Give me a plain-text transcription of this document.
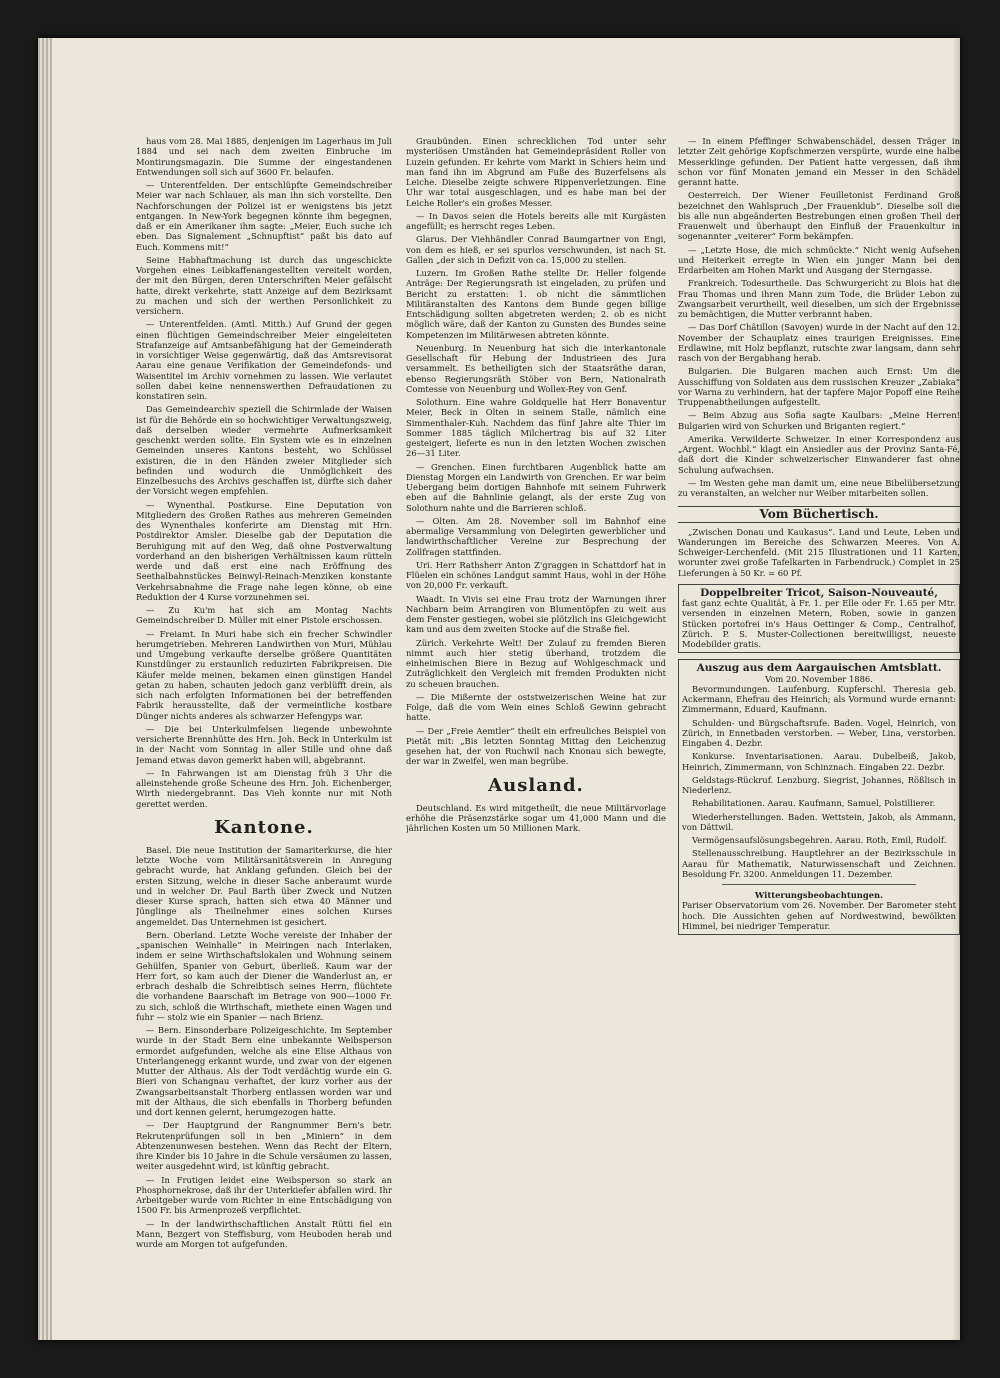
haus vom 28. Mai 1885, denjenigen im Lagerhaus im Juli 1884 und sei nach dem zweiten Einbruche im Montirungsmagazin. Die Summe der eingestandenen Entwendungen soll sich auf 3600 Fr. belaufen.

— Unterentfelden. Der entschlüpfte Gemeindschreiber Meier war nach Schlauer, als man ihn sich vorstellte. Den Nachforschungen der Polizei ist er wenigstens bis jetzt entgangen. In New-York begegnen könnte ihm begegnen, daß er ein Amerikaner ihm sagte: „Meier, Euch suche ich eben. Das Signalement „Schnupftist“ paßt bis dato auf Euch. Kommens mit!“

Seine Habhaftmachung ist durch das ungeschickte Vorgehen eines Leibkaffenangestellten vereitelt worden, der mit den Bürgen, deren Unterschriften Meier gefälscht hatte, direkt verkehrte, statt Anzeige auf dem Bezirksamt zu machen und sich der werthen Personlichkeit zu versichern.

— Unterentfelden. (Amtl. Mitth.) Auf Grund der gegen einen flüchtigen Gemeindschreiber Meier eingeleiteten Strafanzeige auf Amtsanbefähigung hat der Gemeinderath in vorsichtiger Weise gegenwärtig, daß das Amtsrevisorat Aarau eine genaue Verifikation der Gemeindefonds- und Waisentitel im Archiv vornehmen zu lassen. Wie verlautet sollen dabei keine nennenswerthen Defraudationen zu konstatiren sein.

Das Gemeindearchiv speziell die Schirmlade der Waisen ist für die Behörde ein so hochwichtiger Verwaltungszweig, daß derselben wieder vermehrte Aufmerksamkeit geschenkt werden sollte. Ein System wie es in einzelnen Gemeinden unseres Kantons besteht, wo Schlüssel existiren, die in den Händen zweier Mitglieder sich befinden und wodurch die Unmöglichkeit des Einzelbesuchs des Archivs geschaffen ist, dürfte sich daher der Vorsicht wegen empfehlen.

— Wynenthal. Postkurse. Eine Deputation von Mitgliedern des Großen Rathes aus mehreren Gemeinden des Wynenthales konferirte am Dienstag mit Hrn. Postdirektor Amsler. Dieselbe gab der Deputation die Beruhigung mit auf den Weg, daß ohne Postverwaltung vorderhand an den bisherigen Verhältnissen kaum rütteln werde und daß erst eine nach Eröffnung des Seethalbahnstückes Beinwyl-Reinach-Menziken konstante Verkehrsabnahme die Frage nahe legen könne, ob eine Reduktion der 4 Kurse vorzunehmen sei.

— Zu Ku'm hat sich am Montag Nachts Gemeindschreiber D. Müller mit einer Pistole erschossen.

— Freiamt. In Muri habe sich ein frecher Schwindler herumgetrieben. Mehreren Landwirthen von Muri, Mühlau und Umgebung verkaufte derselbe größere Quantitäten Kunstdünger zu erstaunlich reduzirten Fabrikpreisen. Die Käufer melde meinen, bekamen einen günstigen Handel getan zu haben, schauten jedoch ganz verblüfft drein, als sich nach erfolgten Informationen bei der betreffenden Fabrik herausstellte, daß der vermeintliche kostbare Dünger nichts anderes als schwarzer Hefengyps war.

— Die bei Unterkulmfelsen liegende unbewohnte versicherte Brennhütte des Hrn. Joh. Beck in Unterkulm ist in der Nacht vom Sonntag in aller Stille und ohne daß Jemand etwas davon gemerkt haben will, abgebrannt.

— In Fahrwangen ist am Dienstag früh 3 Uhr die alleinstehende große Scheune des Hrn. Joh. Eichenberger, Wirth niedergebrannt. Das Vieh konnte nur mit Noth gerettet werden.

Kantone.

Basel. Die neue Institution der Samariterkurse, die hier letzte Woche vom Militärsanitätsverein in Anregung gebracht wurde, hat Anklang gefunden. Gleich bei der ersten Sitzung, welche in dieser Sache anberaumt wurde und in welcher Dr. Paul Barth über Zweck und Nutzen dieser Kurse sprach, hatten sich etwa 40 Männer und Jünglinge als Theilnehmer eines solchen Kurses angemeldet. Das Unternehmen ist gesichert.

Bern. Oberland. Letzte Woche vereiste der Inhaber der „spanischen Weinhalle“ in Meiringen nach Interlaken, indem er seine Wirthschaftslokalen und Wohnung seinem Gehülfen, Spanier von Geburt, überließ. Kaum war der Herr fort, so kam auch der Diener die Wanderlust an, er erbrach deshalb die Schreibtisch seines Herrn, flüchtete die vorhandene Baarschaft im Betrage von 900—1000 Fr. zu sich, schloß die Wirthschaft, miethete einen Wagen und fuhr — stolz wie ein Spanier — nach Brienz.

— Bern. Einsonderbare Polizeigeschichte. Im September wurde in der Stadt Bern eine unbekannte Weibsperson ermordet aufgefunden, welche als eine Elise Althaus von Unterlangenegg erkannt wurde, und zwar von der eigenen Mutter der Althaus. Als der Todt verdächtig wurde ein G. Bieri von Schangnau verhaftet, der kurz vorher aus der Zwangsarbeitsanstalt Thorberg entlassen worden war und mit der Althaus, die sich ebenfalls in Thorberg befunden und dort kennen gelernt, herumgezogen hatte.

— Der Hauptgrund der Rangnummer Bern's betr. Rekrutenprüfungen soll in ben „Miniern“ in dem Abtenzenunwesen bestehen. Wenn das Recht der Eltern, ihre Kinder bis 10 Jahre in die Schule versäumen zu lassen, weiter ausgedehnt wird, ist künftig gebracht.

— In Frutigen leidet eine Weibsperson so stark an Phosphornekrose, daß ihr der Unterkiefer abfallen wird. Ihr Arbeitgeber wurde vom Richter in eine Entschädigung von 1500 Fr. bis Armenprozeß verpflichtet.

— In der landwirthschaftlichen Anstalt Rütti fiel ein Mann, Bezgert von Steffisburg, vom Heuboden herab und wurde am Morgen tot aufgefunden.

Graubünden. Einen schrecklichen Tod unter sehr mysteriösen Umständen hat Gemeindepräsident Roller von Luzein gefunden. Er kehrte vom Markt in Schiers heim und man fand ihn im Abgrund am Fuße des Buzerfelsens als Leiche. Dieselbe zeigte schwere Rippenverletzungen. Eine Uhr war total ausgeschlagen, und es habe man bei der Leiche Roller's ein großes Messer.

— In Davos seien die Hotels bereits alle mit Kurgästen angefüllt; es herrscht reges Leben.

Glarus. Der Viehhändler Conrad Baumgartner von Engi, von dem es hieß, er sei spurlos verschwunden, ist nach St. Gallen „der sich in Defizit von ca. 15,000 zu stellen.

Luzern. Im Großen Rathe stellte Dr. Heller folgende Anträge: Der Regierungsrath ist eingeladen, zu prüfen und Bericht zu erstatten: 1. ob nicht die sämmtlichen Militäranstalten des Kantons dem Bunde gegen billige Entschädigung sollten abgetreten werden; 2. ob es nicht möglich wäre, daß der Kanton zu Gunsten des Bundes seine Kompetenzen im Militärwesen abtreten könnte.

Neuenburg. In Neuenburg hat sich die interkantonale Gesellschaft für Hebung der Industrieen des Jura versammelt. Es betheiligten sich der Staatsräthe daran, ebenso Regierungsräth Stöber von Bern, Nationalrath Comtesse von Neuenburg und Wollex-Rey von Genf.

Solothurn. Eine wahre Goldquelle hat Herr Bonaventur Meier, Beck in Olten in seinem Stalle, nämlich eine Simmenthaler-Kuh. Nachdem das fünf Jahre alte Thier im Sommer 1885 täglich Milchertrag bis auf 32 Liter gesteigert, lieferte es nun in den letzten Wochen zwischen 26—31 Liter.

— Grenchen. Einen furchtbaren Augenblick hatte am Dienstag Morgen ein Landwirth von Grenchen. Er war beim Uebergang beim dortigen Bahnhofe mit seinem Fuhrwerk eben auf die Bahnlinie gelangt, als der erste Zug von Solothurn nahte und die Barrieren schloß.

— Olten. Am 28. November soll im Bahnhof eine abermalige Versammlung von Delegirten gewerblicher und landwirthschaftlicher Vereine zur Besprechung der Zollfragen stattfinden.

Uri. Herr Rathsherr Anton Z'graggen in Schattdorf hat in Flüelen ein schönes Landgut sammt Haus, wohl in der Höhe von 20,000 Fr. verkauft.

Waadt. In Vivis sei eine Frau trotz der Warnungen ihrer Nachbarn beim Arrangiren von Blumentöpfen zu weit aus dem Fenster gestiegen, wobei sie plötzlich ins Gleichgewicht kam und aus dem zweiten Stocke auf die Straße fiel.

Zürich. Verkehrte Welt! Der Zulauf zu fremden Bieren nimmt auch hier stetig überhand, trotzdem die einheimischen Biere in Bezug auf Wohlgeschmack und Zuträglichkeit den Vergleich mit fremden Produkten nicht zu scheuen brauchen.

— Die Mißernte der oststweizerischen Weine hat zur Folge, daß die vom Wein eines Schloß Gewinn gebracht hatte.

— Der „Freie Aemtler“ theilt ein erfreuliches Beispiel von Pietät mit: „Bis letzten Sonntag Mittag den Leichenzug gesehen hat, der von Ruchwil nach Knonau sich bewegte, der war in Zweifel, wen man begrübe.

Ausland.

Deutschland. Es wird mitgetheilt, die neue Militärvorlage erhöhe die Präsenzstärke sogar um 41,000 Mann und die jährlichen Kosten um 50 Millionen Mark.

— In einem Pfeffinger Schwabenschädel, dessen Träger in letzter Zeit gehörige Kopfschmerzen verspürte, wurde eine halbe Messerklinge gefunden. Der Patient hatte vergessen, daß ihm schon vor fünf Monaten jemand ein Messer in den Schädel gerannt hatte.

Oesterreich. Der Wiener Feuilletonist Ferdinand Groß bezeichnet den Wahlspruch „Der Frauenklub“. Dieselbe soll die bis alle nun abgeänderten Bestrebungen einen großen Theil der Frauenwelt und überhaupt den Einfluß der Frauenkultur in sogenannter „veiterer“ Form bekämpfen.

— „Letzte Hose, die mich schmückte.“ Nicht wenig Aufsehen und Heiterkeit erregte in Wien ein junger Mann bei den Erdarbeiten am Hohen Markt und Ausgang der Sterngasse.

Frankreich. Todesurtheile. Das Schwurgericht zu Blois hat die Frau Thomas und ihren Mann zum Tode, die Brüder Lebon zu Zwangsarbeit verurtheilt, weil dieselben, um sich der Ergebnisse zu bemächtigen, die Mutter verbrannt haben.

— Das Dorf Châtillon (Savoyen) wurde in der Nacht auf den 12. November der Schauplatz eines traurigen Ereignisses. Eine Erdlawine, mit Holz bepflanzt, rutschte zwar langsam, dann sehr rasch von der Bergabhang herab.

Bulgarien. Die Bulgaren machen auch Ernst: Um die Ausschiffung von Soldaten aus dem russischen Kreuzer „Zabiaka“ vor Warna zu verhindern, hat der tapfere Major Popoff eine Reihe Truppenabtheilungen aufgestellt.

— Beim Abzug aus Sofia sagte Kaulbars: „Meine Herren! Bulgarien wird von Schurken und Briganten regiert.“

Amerika. Verwilderte Schweizer. In einer Korrespondenz aus „Argent. Wochbl.“ klagt ein Ansiedler aus der Provinz Santa-Fé, daß dort die Kinder schweizerischer Einwanderer fast ohne Schulung aufwachsen.

— Im Westen gehe man damit um, eine neue Bibelübersetzung zu veranstalten, an welcher nur Weiber mitarbeiten sollen.

Vom Büchertisch.

„Zwischen Donau und Kaukasus“. Land und Leute, Leben und Wanderungen im Bereiche des Schwarzen Meeres. Von A. Schweiger-Lerchenfeld. (Mit 215 Illustrationen und 11 Karten, worunter zwei große Tafelkarten in Farbendruck.) Complet in 25 Lieferungen à 50 Kr. = 60 Pf.

Doppelbreiter Tricot, Saison-Nouveauté,
fast ganz echte Qualität, à Fr. 1. per Elle oder Fr. 1.65 per Mtr. versenden in einzelnen Metern, Roben, sowie in ganzen Stücken portofrei in's Haus Oettinger & Comp., Centralhof, Zürich. P. S. Muster-Collectionen bereitwilligst, neueste Modebilder gratis.
Auszug aus dem Aargauischen Amtsblatt.
Vom 20. November 1886.

Bevormundungen. Laufenburg. Kupferschl. Theresia geb. Ackermann, Ehefrau des Heinrich; als Vormund wurde ernannt: Zimmermann, Eduard, Kaufmann.

Schulden- und Bürgschaftsrufe. Baden. Vogel, Heinrich, von Zürich, in Ennetbaden verstorben. — Weber, Lina, verstorben. Eingaben 4. Dezbr.

Konkurse. Inventarisationen. Aarau. Dubelbeiß, Jakob, Heinrich, Zimmermann, von Schinznach. Eingaben 22. Dezbr.

Geldstags-Rückruf. Lenzburg. Siegrist, Johannes, Rößlisch in Niederlenz.

Rehabilitationen. Aarau. Kaufmann, Samuel, Polstillierer.

Wiederherstellungen. Baden. Wettstein, Jakob, als Ammann, von Dättwil.

Vermögensaufslösungsbegehren. Aarau. Roth, Emil, Rudolf.

Stellenausschreibung. Hauptlehrer an der Bezirksschule in Aarau für Mathematik, Naturwissenschaft und Zeichnen. Besoldung Fr. 3200. Anmeldungen 11. Dezember.

Witterungsbeobachtungen.
Pariser Observatorium vom 26. November. Der Barometer steht hoch. Die Aussichten gehen auf Nordwestwind, bewölkten Himmel, bei niedriger Temperatur.
